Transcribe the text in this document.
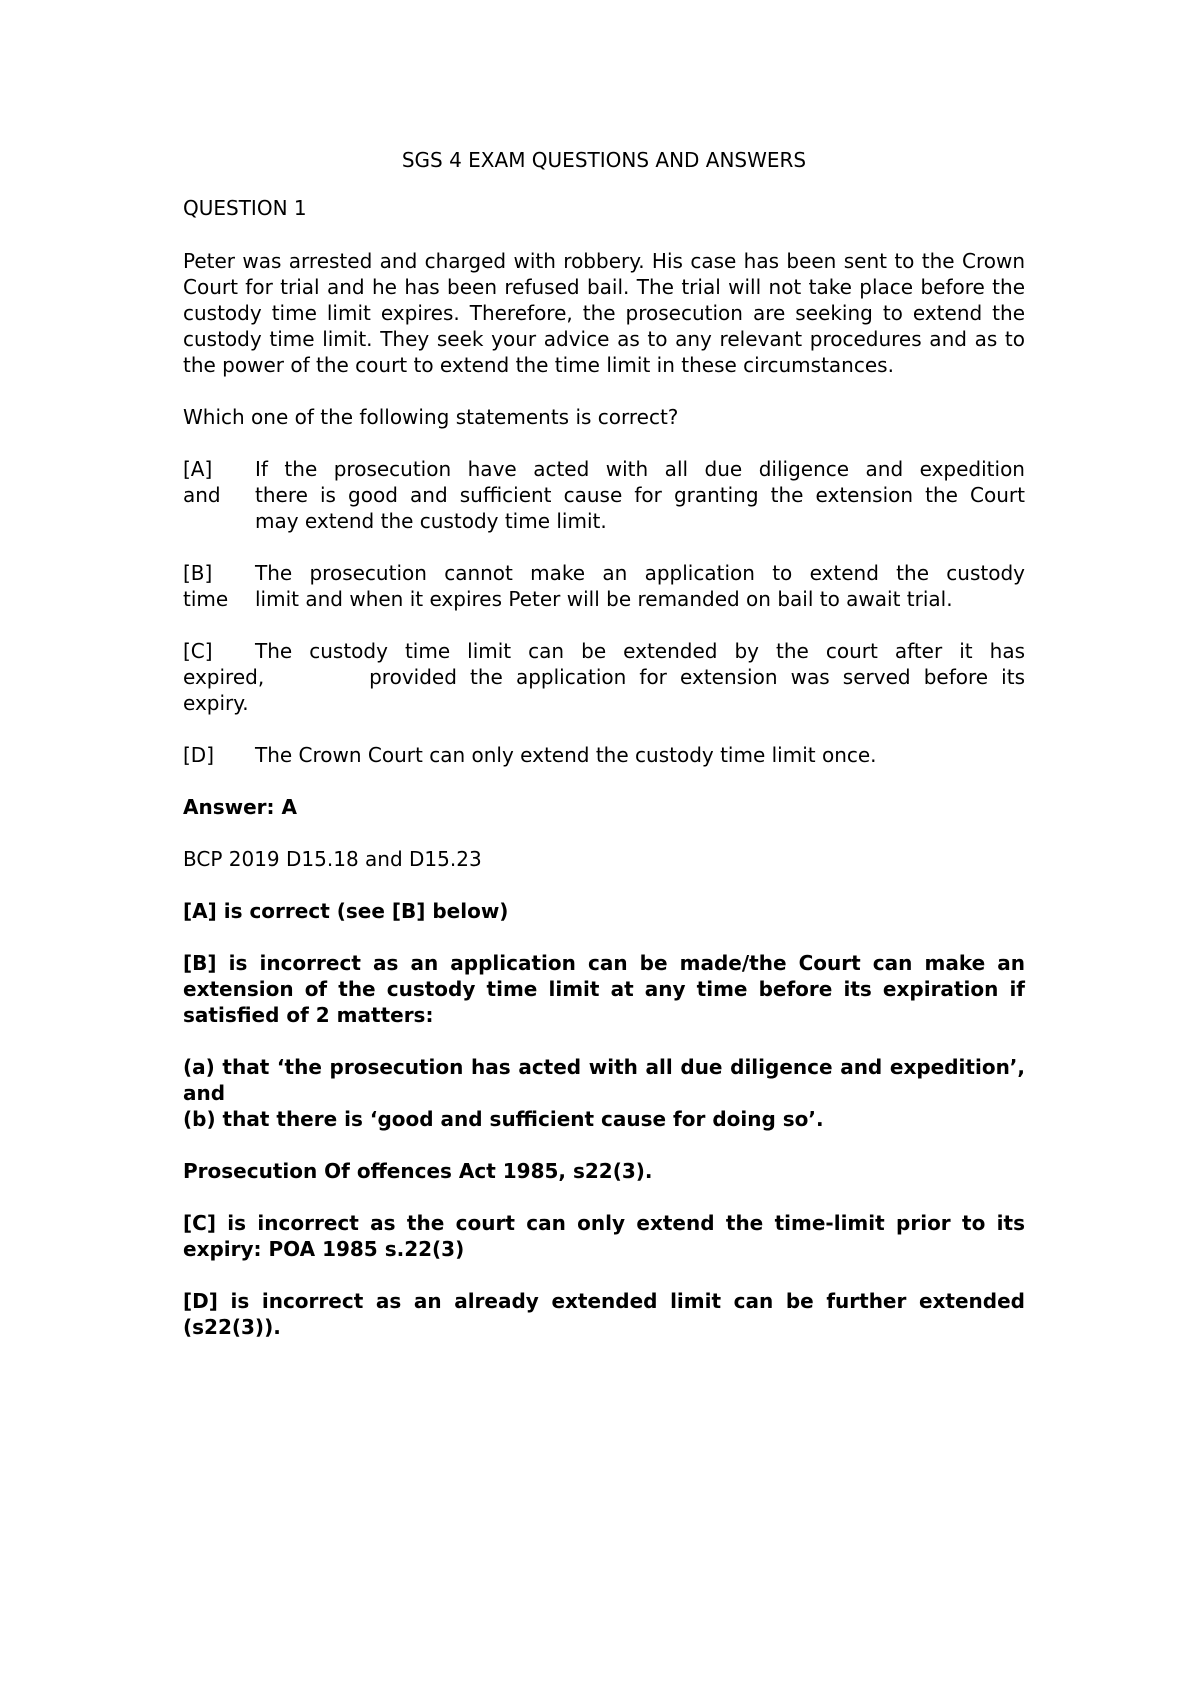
SGS 4 EXAM QUESTIONS AND ANSWERS
QUESTION 1

Peter was arrested and charged with robbery. His case has been sent to the Crown Court for trial and he has been refused bail. The trial will not take place before the custody time limit expires. Therefore, the prosecution are seeking to extend the custody time limit. They seek your advice as to any relevant procedures and as to the power of the court to extend the time limit in these circumstances.

Which one of the following statements is correct?

[A]	If the prosecution have acted with all due diligence and expedition
and	there is good and sufficient cause for granting the extension the Court
may extend the custody time limit.
[B]	The prosecution cannot make an application to extend the custody
time	limit and when it expires Peter will be remanded on bail to await trial.
[C]	The custody time limit can be extended by the court after it has
expired,        provided the application for extension was served before its
expiry.
[D]	The Crown Court can only extend the custody time limit once.

Answer: A

BCP 2019 D15.18 and D15.23

[A] is correct (see [B] below)

[B] is incorrect as an application can be made/the Court can make an extension of the custody time limit at any time before its expiration if satisfied of 2 matters:

(a) that ‘the prosecution has acted with all due diligence and expedition’, and

(b) that there is ‘good and sufficient cause for doing so’.

Prosecution Of offences Act 1985, s22(3).

[C] is incorrect as the court can only extend the time-limit prior to its expiry: POA 1985 s.22(3)

[D] is incorrect as an already extended limit can be further extended (s22(3)).
